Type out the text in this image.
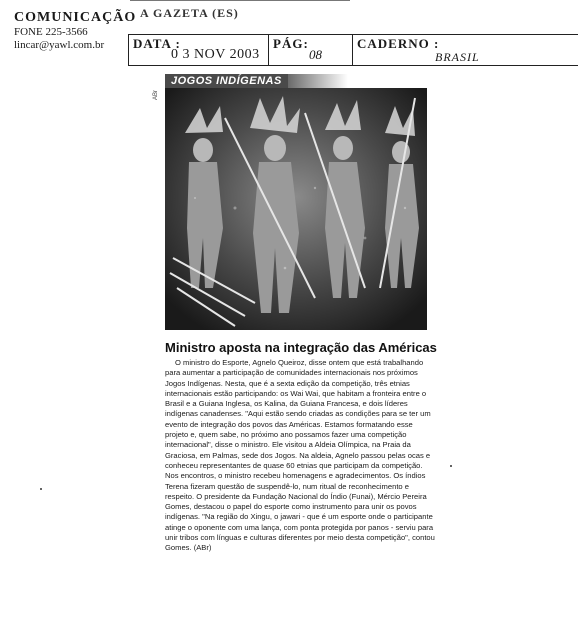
COMUNICAÇÃO
FONE 225-3566
lincar@yawl.com.br
A GAZETA (ES)
DATA :
0 3 NOV 2003
PÁG:
08
CADERNO :
BRASIL
JOGOS INDÍGENAS
ABr
Ministro aposta na integração das Américas

O ministro do Esporte, Agnelo Queiroz, disse ontem que está trabalhando para aumentar a participação de comunidades internacionais nos próximos Jogos Indígenas. Nesta, que é a sexta edição da competição, três etnias internacionais estão participando: os Wai Wai, que habitam a fronteira entre o Brasil e a Guiana Inglesa, os Kalina, da Guiana Francesa, e dois líderes indígenas canadenses. "Aqui estão sendo criadas as condições para se ter um evento de integração dos povos das Américas. Estamos formatando esse projeto e, quem sabe, no próximo ano possamos fazer uma competição internacional", disse o ministro. Ele visitou a Aldeia Olímpica, na Praia da Graciosa, em Palmas, sede dos Jogos. Na aldeia, Agnelo passou pelas ocas e conheceu representantes de quase 60 etnias que participam da competição. Nos encontros, o ministro recebeu homenagens e agradecimentos. Os índios Terena fizeram questão de suspendê-lo, num ritual de reconhecimento e respeito. O presidente da Fundação Nacional do Índio (Funai), Mércio Pereira Gomes, destacou o papel do esporte como instrumento para unir os povos indígenas. "Na região do Xingu, o jawari - que é um esporte onde o participante atinge o oponente com uma lança, com ponta protegida por panos - serviu para unir tribos com línguas e culturas diferentes por meio desta competição", contou Gomes. (ABr)
